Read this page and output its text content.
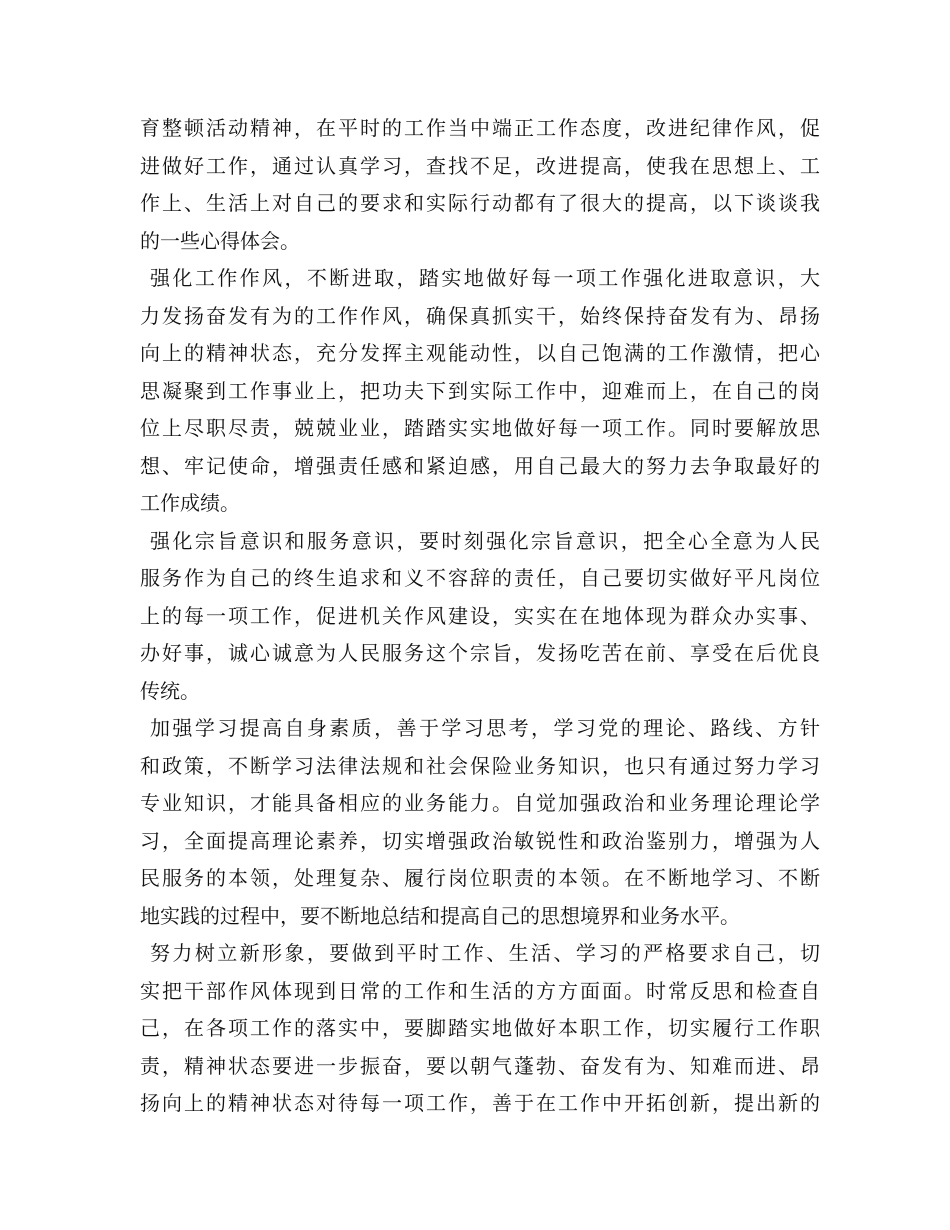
育整顿活动精神，在平时的工作当中端正工作态度，改进纪律作风，促
进做好工作，通过认真学习，查找不足，改进提高，使我在思想上、工
作上、生活上对自己的要求和实际行动都有了很大的提高，以下谈谈我
的一些心得体会。
强化工作作风，不断进取，踏实地做好每一项工作强化进取意识，大
力发扬奋发有为的工作作风，确保真抓实干，始终保持奋发有为、昂扬
向上的精神状态，充分发挥主观能动性，以自己饱满的工作激情，把心
思凝聚到工作事业上，把功夫下到实际工作中，迎难而上，在自己的岗
位上尽职尽责，兢兢业业，踏踏实实地做好每一项工作。同时要解放思
想、牢记使命，增强责任感和紧迫感，用自己最大的努力去争取最好的
工作成绩。
强化宗旨意识和服务意识，要时刻强化宗旨意识，把全心全意为人民
服务作为自己的终生追求和义不容辞的责任，自己要切实做好平凡岗位
上的每一项工作，促进机关作风建设，实实在在地体现为群众办实事、
办好事，诚心诚意为人民服务这个宗旨，发扬吃苦在前、享受在后优良
传统。
加强学习提高自身素质，善于学习思考，学习党的理论、路线、方针
和政策，不断学习法律法规和社会保险业务知识，也只有通过努力学习
专业知识，才能具备相应的业务能力。自觉加强政治和业务理论理论学
习，全面提高理论素养，切实增强政治敏锐性和政治鉴别力，增强为人
民服务的本领，处理复杂、履行岗位职责的本领。在不断地学习、不断
地实践的过程中，要不断地总结和提高自己的思想境界和业务水平。
努力树立新形象，要做到平时工作、生活、学习的严格要求自己，切
实把干部作风体现到日常的工作和生活的方方面面。时常反思和检查自
己，在各项工作的落实中，要脚踏实地做好本职工作，切实履行工作职
责，精神状态要进一步振奋，要以朝气蓬勃、奋发有为、知难而进、昂
扬向上的精神状态对待每一项工作，善于在工作中开拓创新，提出新的
